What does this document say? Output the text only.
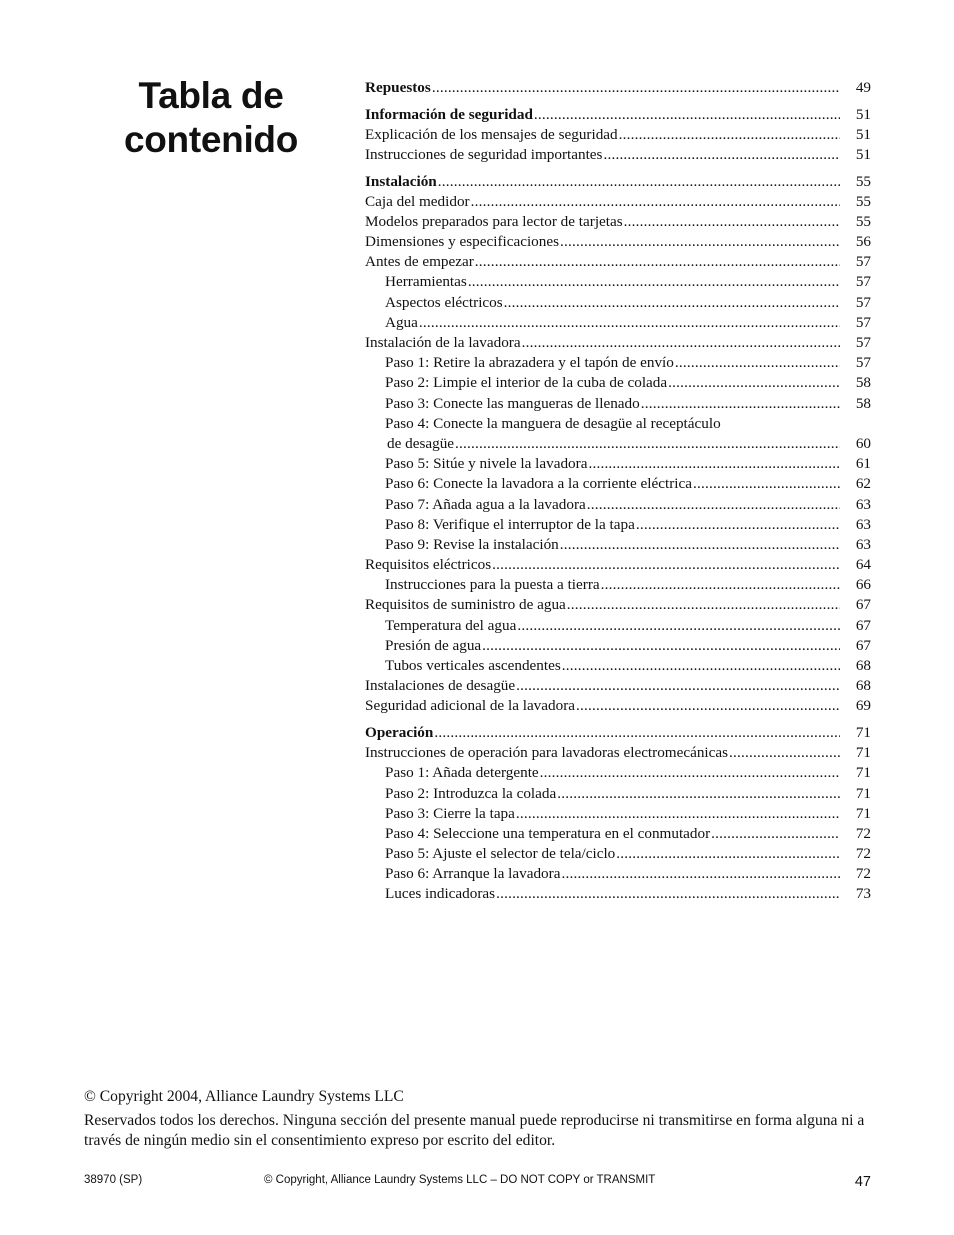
Tabla de
contenido
Repuestos .....	49
Información de seguridad .....	51
Explicación de los mensajes de seguridad .....	51
Instrucciones de seguridad importantes .....	51
Instalación .....	55
Caja del medidor .....	55
Modelos preparados para lector de tarjetas .....	55
Dimensiones y especificaciones .....	56
Antes de empezar .....	57
Herramientas .....	57
Aspectos eléctricos .....	57
Agua .....	57
Instalación de la lavadora .....	57
Paso 1: Retire la abrazadera y el tapón de envío .....	57
Paso 2: Limpie el interior de la cuba de colada .....	58
Paso 3: Conecte las mangueras de llenado .....	58
Paso 4: Conecte la manguera de desagüe al receptáculo
de desagüe .....	60
Paso 5: Sitúe y nivele la lavadora .....	61
Paso 6: Conecte la lavadora a la corriente eléctrica .....	62
Paso 7: Añada agua a la lavadora .....	63
Paso 8: Verifique el interruptor de la tapa .....	63
Paso 9: Revise la instalación .....	63
Requisitos eléctricos .....	64
Instrucciones para la puesta a tierra .....	66
Requisitos de suministro de agua .....	67
Temperatura del agua .....	67
Presión de agua .....	67
Tubos verticales ascendentes .....	68
Instalaciones de desagüe .....	68
Seguridad adicional de la lavadora .....	69
Operación .....	71
Instrucciones de operación para lavadoras electromecánicas .....	71
Paso 1: Añada detergente .....	71
Paso 2: Introduzca la colada .....	71
Paso 3: Cierre la tapa .....	71
Paso 4: Seleccione una temperatura en el conmutador .....	72
Paso 5: Ajuste el selector de tela/ciclo .....	72
Paso 6: Arranque la lavadora .....	72
Luces indicadoras .....	73
© Copyright 2004, Alliance Laundry Systems LLC
Reservados todos los derechos. Ninguna sección del presente manual puede reproducirse ni transmitirse en forma alguna ni a través de ningún medio sin el consentimiento expreso por escrito del editor.
38970 (SP)	© Copyright, Alliance Laundry Systems LLC – DO NOT COPY or TRANSMIT	47
